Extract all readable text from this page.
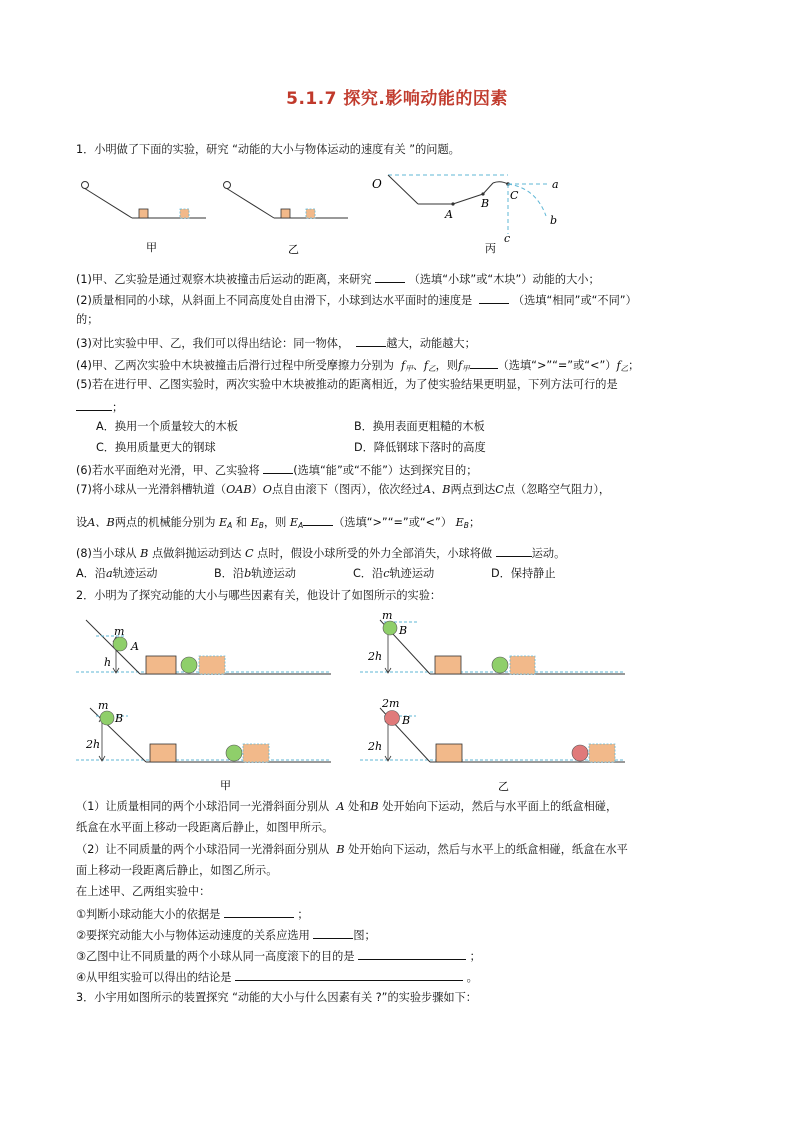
5.1.7 探究.影响动能的因素
1．小明做了下面的实验，研究 “动能的大小与物体运动的速度有关 ”的问题。
甲	乙
O
A
B
C
a
b
c
丙
(1)甲、乙实验是通过观察木块被撞击后运动的距离，来研究	（选填“小球”或“木块”）动能的大小；
(2)质量相同的小球，从斜面上不同高度处自由滑下，小球到达水平面时的速度是	（选填“相同”或“不同”）
的；
(3)对比实验中甲、乙，我们可以得出结论：同一物体，	越大，动能越大；
(4)甲、乙两次实验中木块被撞击后滑行过程中所受摩擦力分别为 $f_甲$、$f_乙$，则$f_甲$	（选填“>”“=”或“$<”)f_乙$；
(5)若在进行甲、乙图实验时，两次实验中木块被推动的距离相近，为了使实验结果更明显，下列方法可行的是
；
A．换用一个质量较大的木板	B．换用表面更粗糙的木板
C．换用质量更大的钢球	D．降低钢球下落时的高度
(6)若水平面绝对光滑，甲、乙实验将	(选填“能”或“不能”）达到探究目的；
(7)将小球从一光滑斜槽轨道（OAB）O点自由滚下（图丙），依次经过A、B两点到达C点（忽略空气阻力），
设A、B两点的机械能分别为 $E_A$ 和 $E_B$，则 $E_A$	（选填“>”“=”或“<”） $E_B$；
(8)当小球从 B 点做斜抛运动到达 C 点时，假设小球所受的外力全部消失，小球将做	运动。
A．沿a轨迹运动	B．沿b轨迹运动	C．沿c轨迹运动	D．保持静止
2．小明为了探究动能的大小与哪些因素有关，他设计了如图所示的实验：
m
A
h
m
B
2h
m
B
2h
甲
2m
B
2h
乙
（1）让质量相同的两个小球沿同一光滑斜面分别从 A 处和B 处开始向下运动，然后与水平面上的纸盒相碰，
纸盒在水平面上移动一段距离后静止，如图甲所示。
（2）让不同质量的两个小球沿同一光滑斜面分别从 B 处开始向下运动，然后与水平上的纸盒相碰，纸盒在水平
面上移动一段距离后静止，如图乙所示。
在上述甲、乙两组实验中：
①判断小球动能大小的依据是	；
②要探究动能大小与物体运动速度的关系应选用	图；
③乙图中让不同质量的两个小球从同一高度滚下的目的是	；
④从甲组实验可以得出的结论是	。
3．小宇用如图所示的装置探究 “动能的大小与什么因素有关 ?”的实验步骤如下：
